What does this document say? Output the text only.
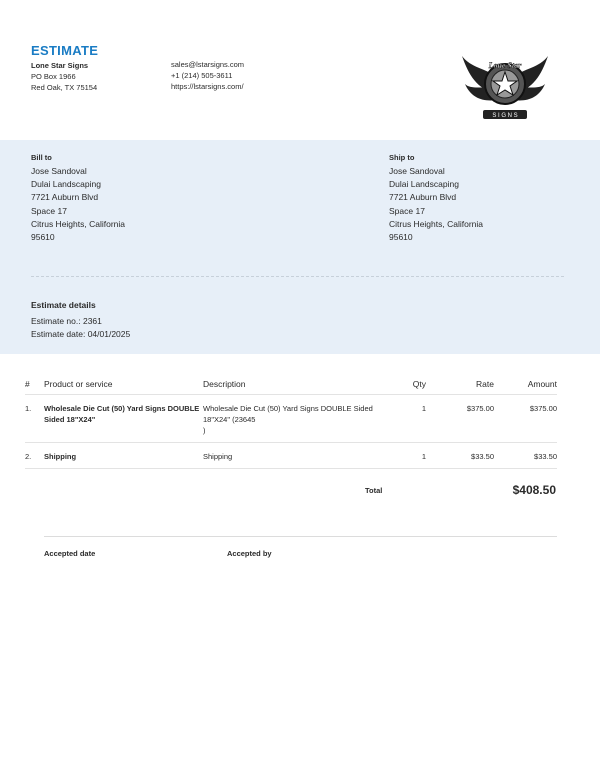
ESTIMATE
Lone Star Signs
PO Box 1966
Red Oak, TX 75154
sales@lstarsigns.com
+1 (214) 505-3611
https://lstarsigns.com/
Lone Star
S I G N S
Bill to
Jose Sandoval
Dulai Landscaping
7721 Auburn Blvd
Space 17
Citrus Heights, California
95610
Ship to
Jose Sandoval
Dulai Landscaping
7721 Auburn Blvd
Space 17
Citrus Heights, California
95610
Estimate details
Estimate no.: 2361
Estimate date: 04/01/2025
#	Product or service	Description	Qty	Rate	Amount
1.	Wholesale Die Cut (50) Yard Signs DOUBLE Sided 18"X24"	Wholesale Die Cut (50) Yard Signs DOUBLE Sided 18"X24" (23645
)	1	$375.00	$375.00
2.	Shipping	Shipping	1	$33.50	$33.50
Total	$408.50
Accepted date	Accepted by
